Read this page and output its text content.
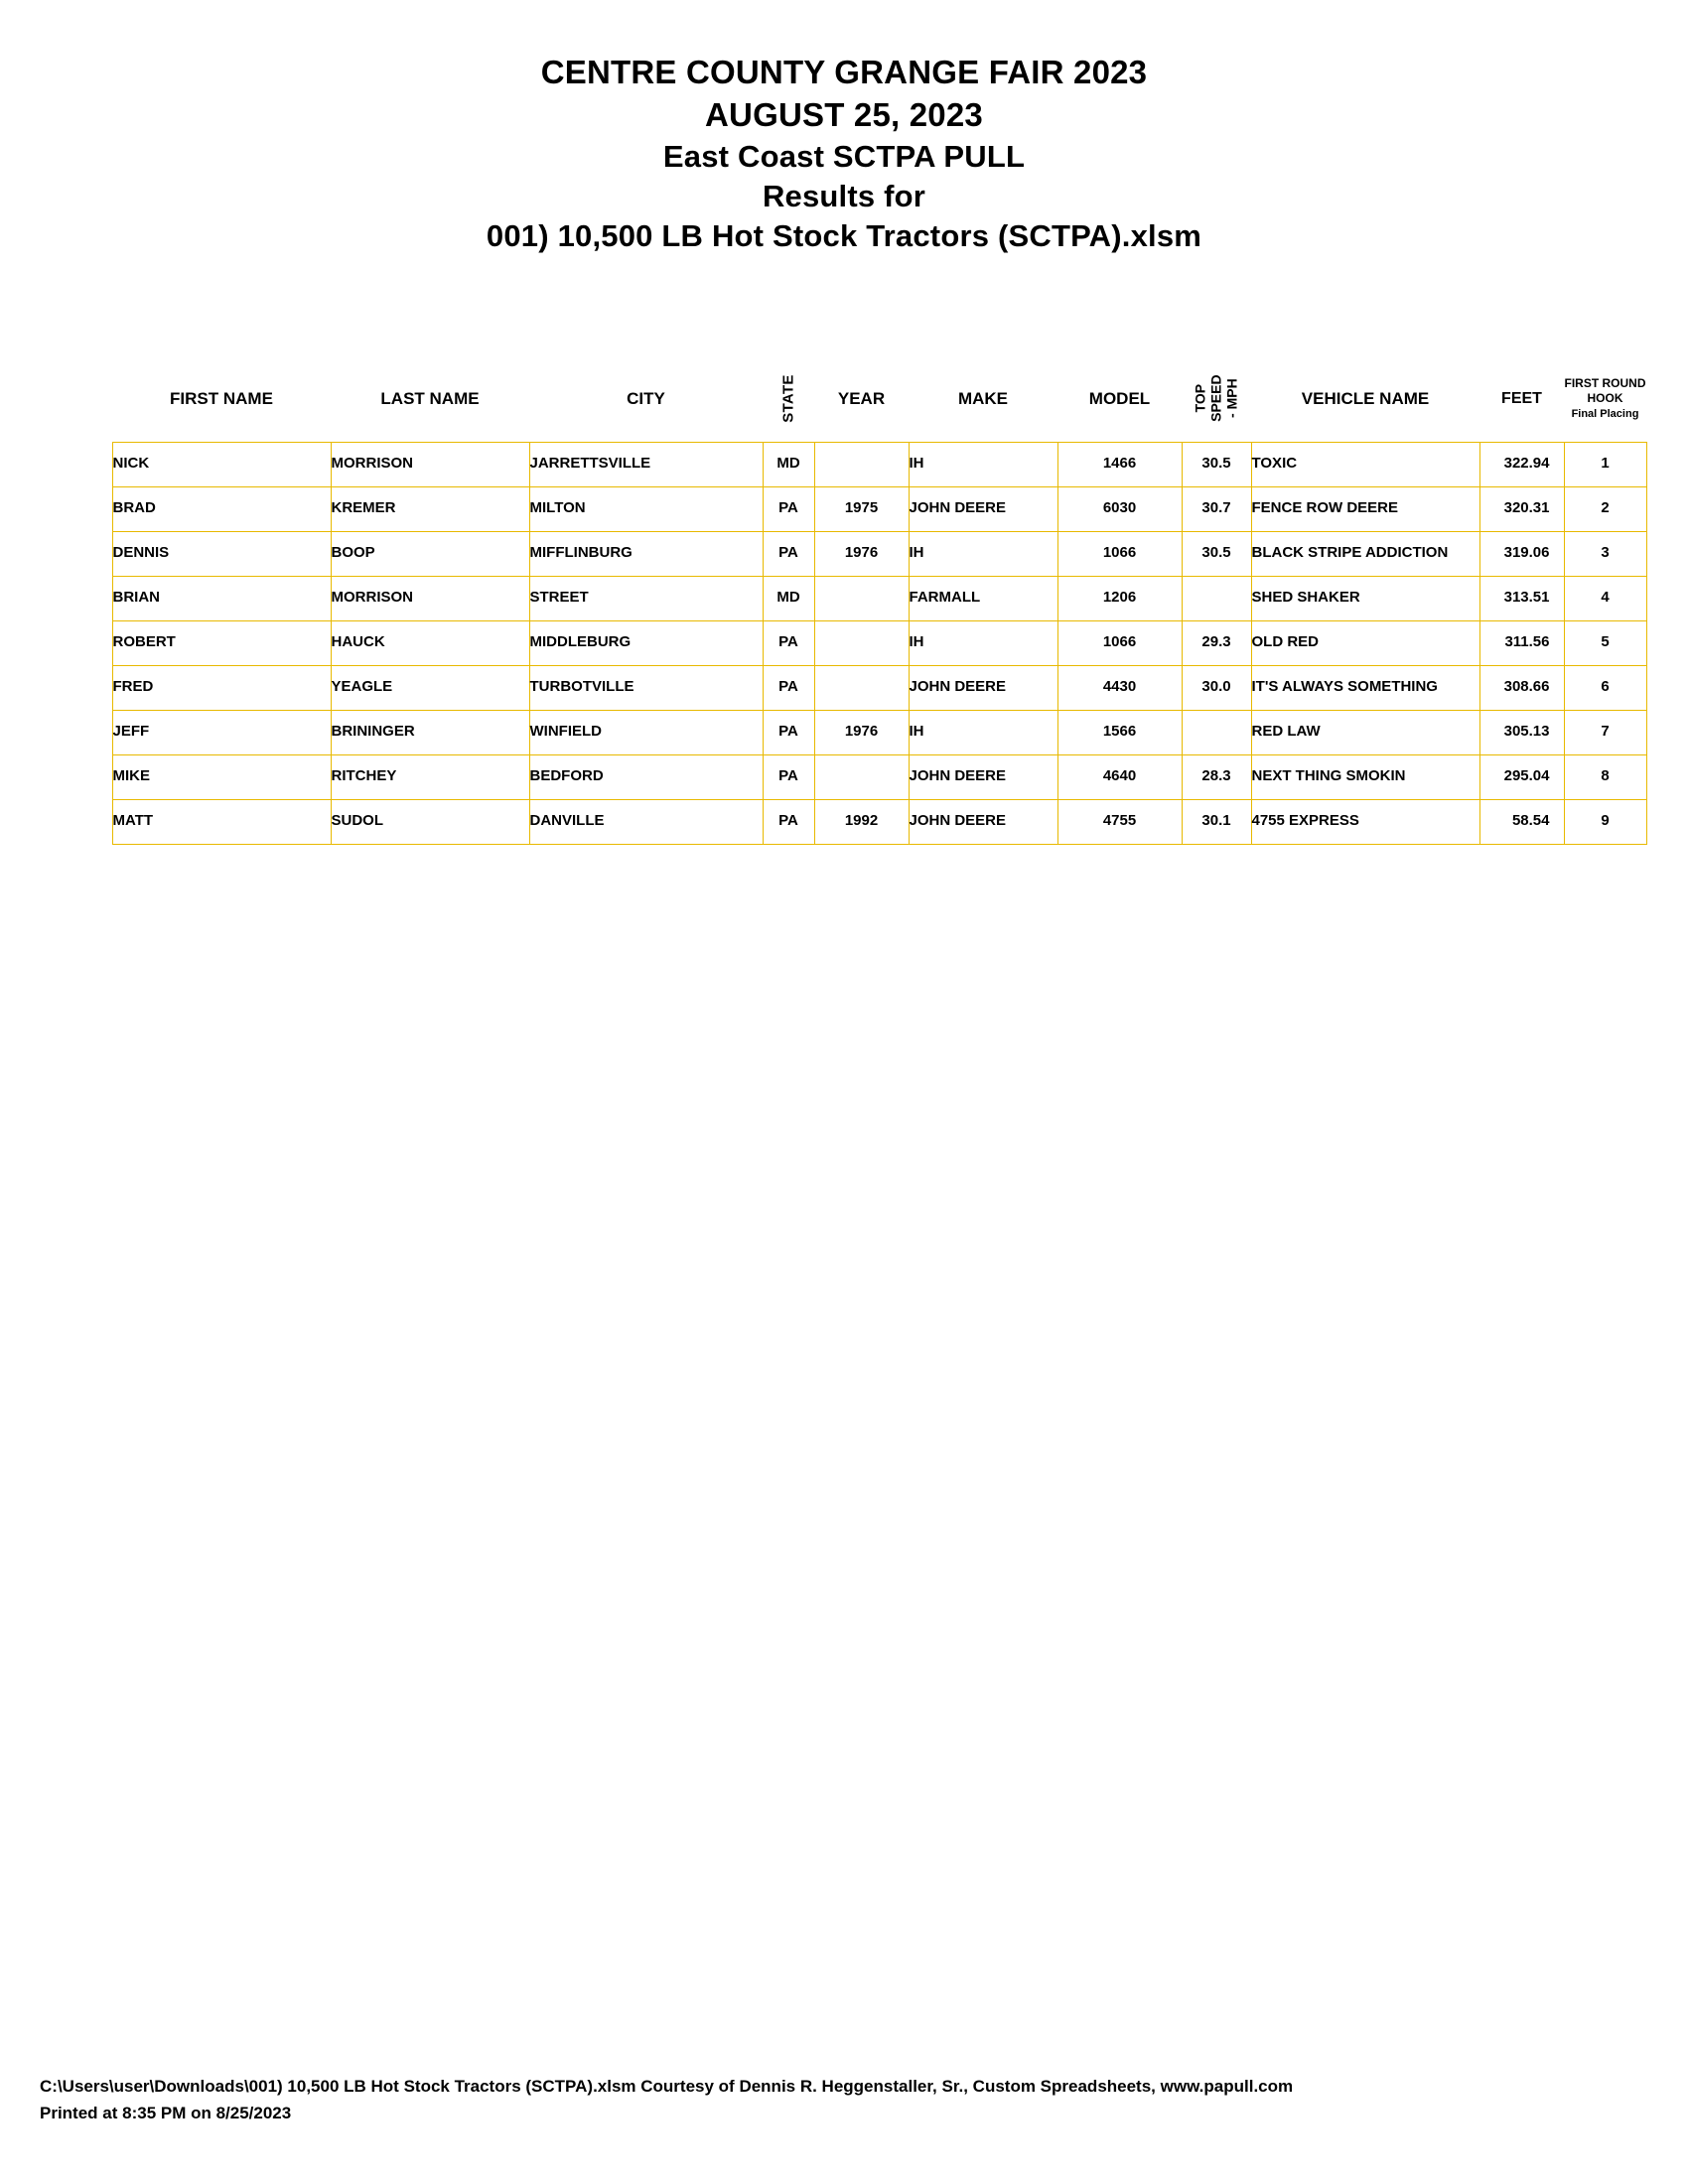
CENTRE COUNTY GRANGE FAIR 2023
AUGUST 25, 2023
East Coast SCTPA PULL
Results for
001) 10,500 LB Hot Stock Tractors (SCTPA).xlsm
FIRST NAME	LAST NAME	CITY	STATE	YEAR	MAKE	MODEL	TOP
SPEED
- MPH	VEHICLE NAME	FEET	FIRST ROUND
HOOK
Final Placing
NICK	MORRISON	JARRETTSVILLE	MD		IH	1466	30.5	TOXIC	322.94	1
BRAD	KREMER	MILTON	PA	1975	JOHN DEERE	6030	30.7	FENCE ROW DEERE	320.31	2
DENNIS	BOOP	MIFFLINBURG	PA	1976	IH	1066	30.5	BLACK STRIPE ADDICTION	319.06	3
BRIAN	MORRISON	STREET	MD		FARMALL	1206		SHED SHAKER	313.51	4
ROBERT	HAUCK	MIDDLEBURG	PA		IH	1066	29.3	OLD RED	311.56	5
FRED	YEAGLE	TURBOTVILLE	PA		JOHN DEERE	4430	30.0	IT'S ALWAYS SOMETHING	308.66	6
JEFF	BRININGER	WINFIELD	PA	1976	IH	1566		RED LAW	305.13	7
MIKE	RITCHEY	BEDFORD	PA		JOHN DEERE	4640	28.3	NEXT THING SMOKIN	295.04	8
MATT	SUDOL	DANVILLE	PA	1992	JOHN DEERE	4755	30.1	4755 EXPRESS	58.54	9
C:\Users\user\Downloads\001) 10,500 LB Hot Stock Tractors (SCTPA).xlsm Courtesy of Dennis R. Heggenstaller, Sr., Custom Spreadsheets, www.papull.com
Printed at 8:35 PM on 8/25/2023
